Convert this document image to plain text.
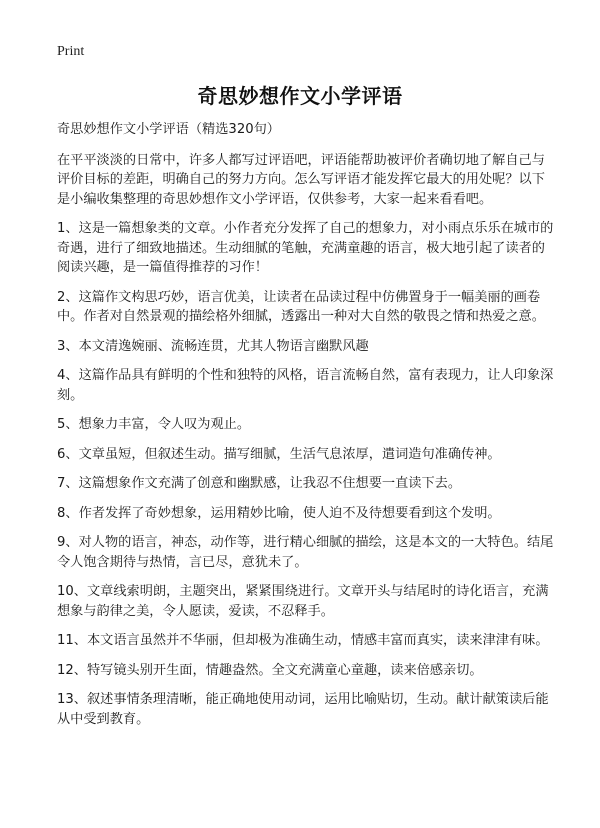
Print
奇思妙想作文小学评语

奇思妙想作文小学评语（精选320句）

在平平淡淡的日常中，许多人都写过评语吧，评语能帮助被评价者确切地了解自己与评价目标的差距，明确自己的努力方向。怎么写评语才能发挥它最大的用处呢？以下是小编收集整理的奇思妙想作文小学评语，仅供参考，大家一起来看看吧。

1、这是一篇想象类的文章。小作者充分发挥了自己的想象力，对小雨点乐乐在城市的奇遇，进行了细致地描述。生动细腻的笔触，充满童趣的语言，极大地引起了读者的阅读兴趣，是一篇值得推荐的习作！

2、这篇作文构思巧妙，语言优美，让读者在品读过程中仿佛置身于一幅美丽的画卷中。作者对自然景观的描绘格外细腻，透露出一种对大自然的敬畏之情和热爱之意。

3、本文清逸婉丽、流畅连贯，尤其人物语言幽默风趣

4、这篇作品具有鲜明的个性和独特的风格，语言流畅自然，富有表现力，让人印象深刻。

5、想象力丰富，令人叹为观止。

6、文章虽短，但叙述生动。描写细腻，生活气息浓厚，遣词造句准确传神。

7、这篇想象作文充满了创意和幽默感，让我忍不住想要一直读下去。

8、作者发挥了奇妙想象，运用精妙比喻，使人迫不及待想要看到这个发明。

9、对人物的语言，神态，动作等，进行精心细腻的描绘，这是本文的一大特色。结尾令人饱含期待与热情，言已尽，意犹未了。

10、文章线索明朗，主题突出，紧紧围绕进行。文章开头与结尾时的诗化语言，充满想象与韵律之美，令人愿读，爱读，不忍释手。

11、本文语言虽然并不华丽，但却极为准确生动，情感丰富而真实，读来津津有味。

12、特写镜头别开生面，情趣盎然。全文充满童心童趣，读来倍感亲切。

13、叙述事情条理清晰，能正确地使用动词，运用比喻贴切，生动。献计献策读后能从中受到教育。
